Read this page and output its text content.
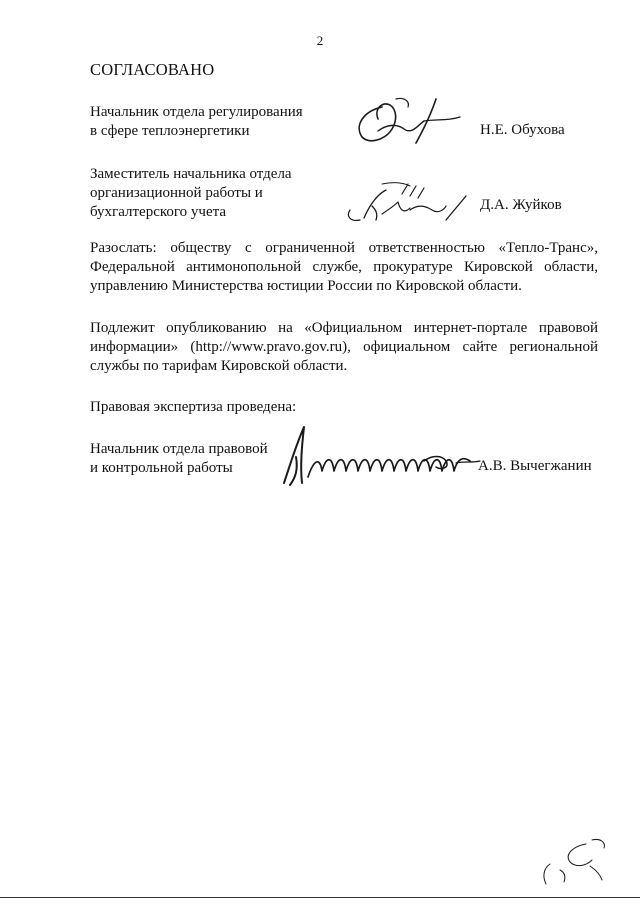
2
СОГЛАСОВАНО
Начальник отдела регулирования
в сфере теплоэнергетики	Н.Е. Обухова
Заместитель начальника отдела
организационной работы и
бухгалтерского учета	Д.А. Жуйков
Разослать: обществу с ограниченной ответственностью «Тепло-Транс», Федеральной антимонопольной службе, прокуратуре Кировской области, управлению Министерства юстиции России по Кировской области.
Подлежит опубликованию на «Официальном интернет-портале правовой информации» (http://www.pravo.gov.ru), официальном сайте региональной службы по тарифам Кировской области.
Правовая экспертиза проведена:
Начальник отдела правовой
и контрольной работы	А.В. Вычегжанин
